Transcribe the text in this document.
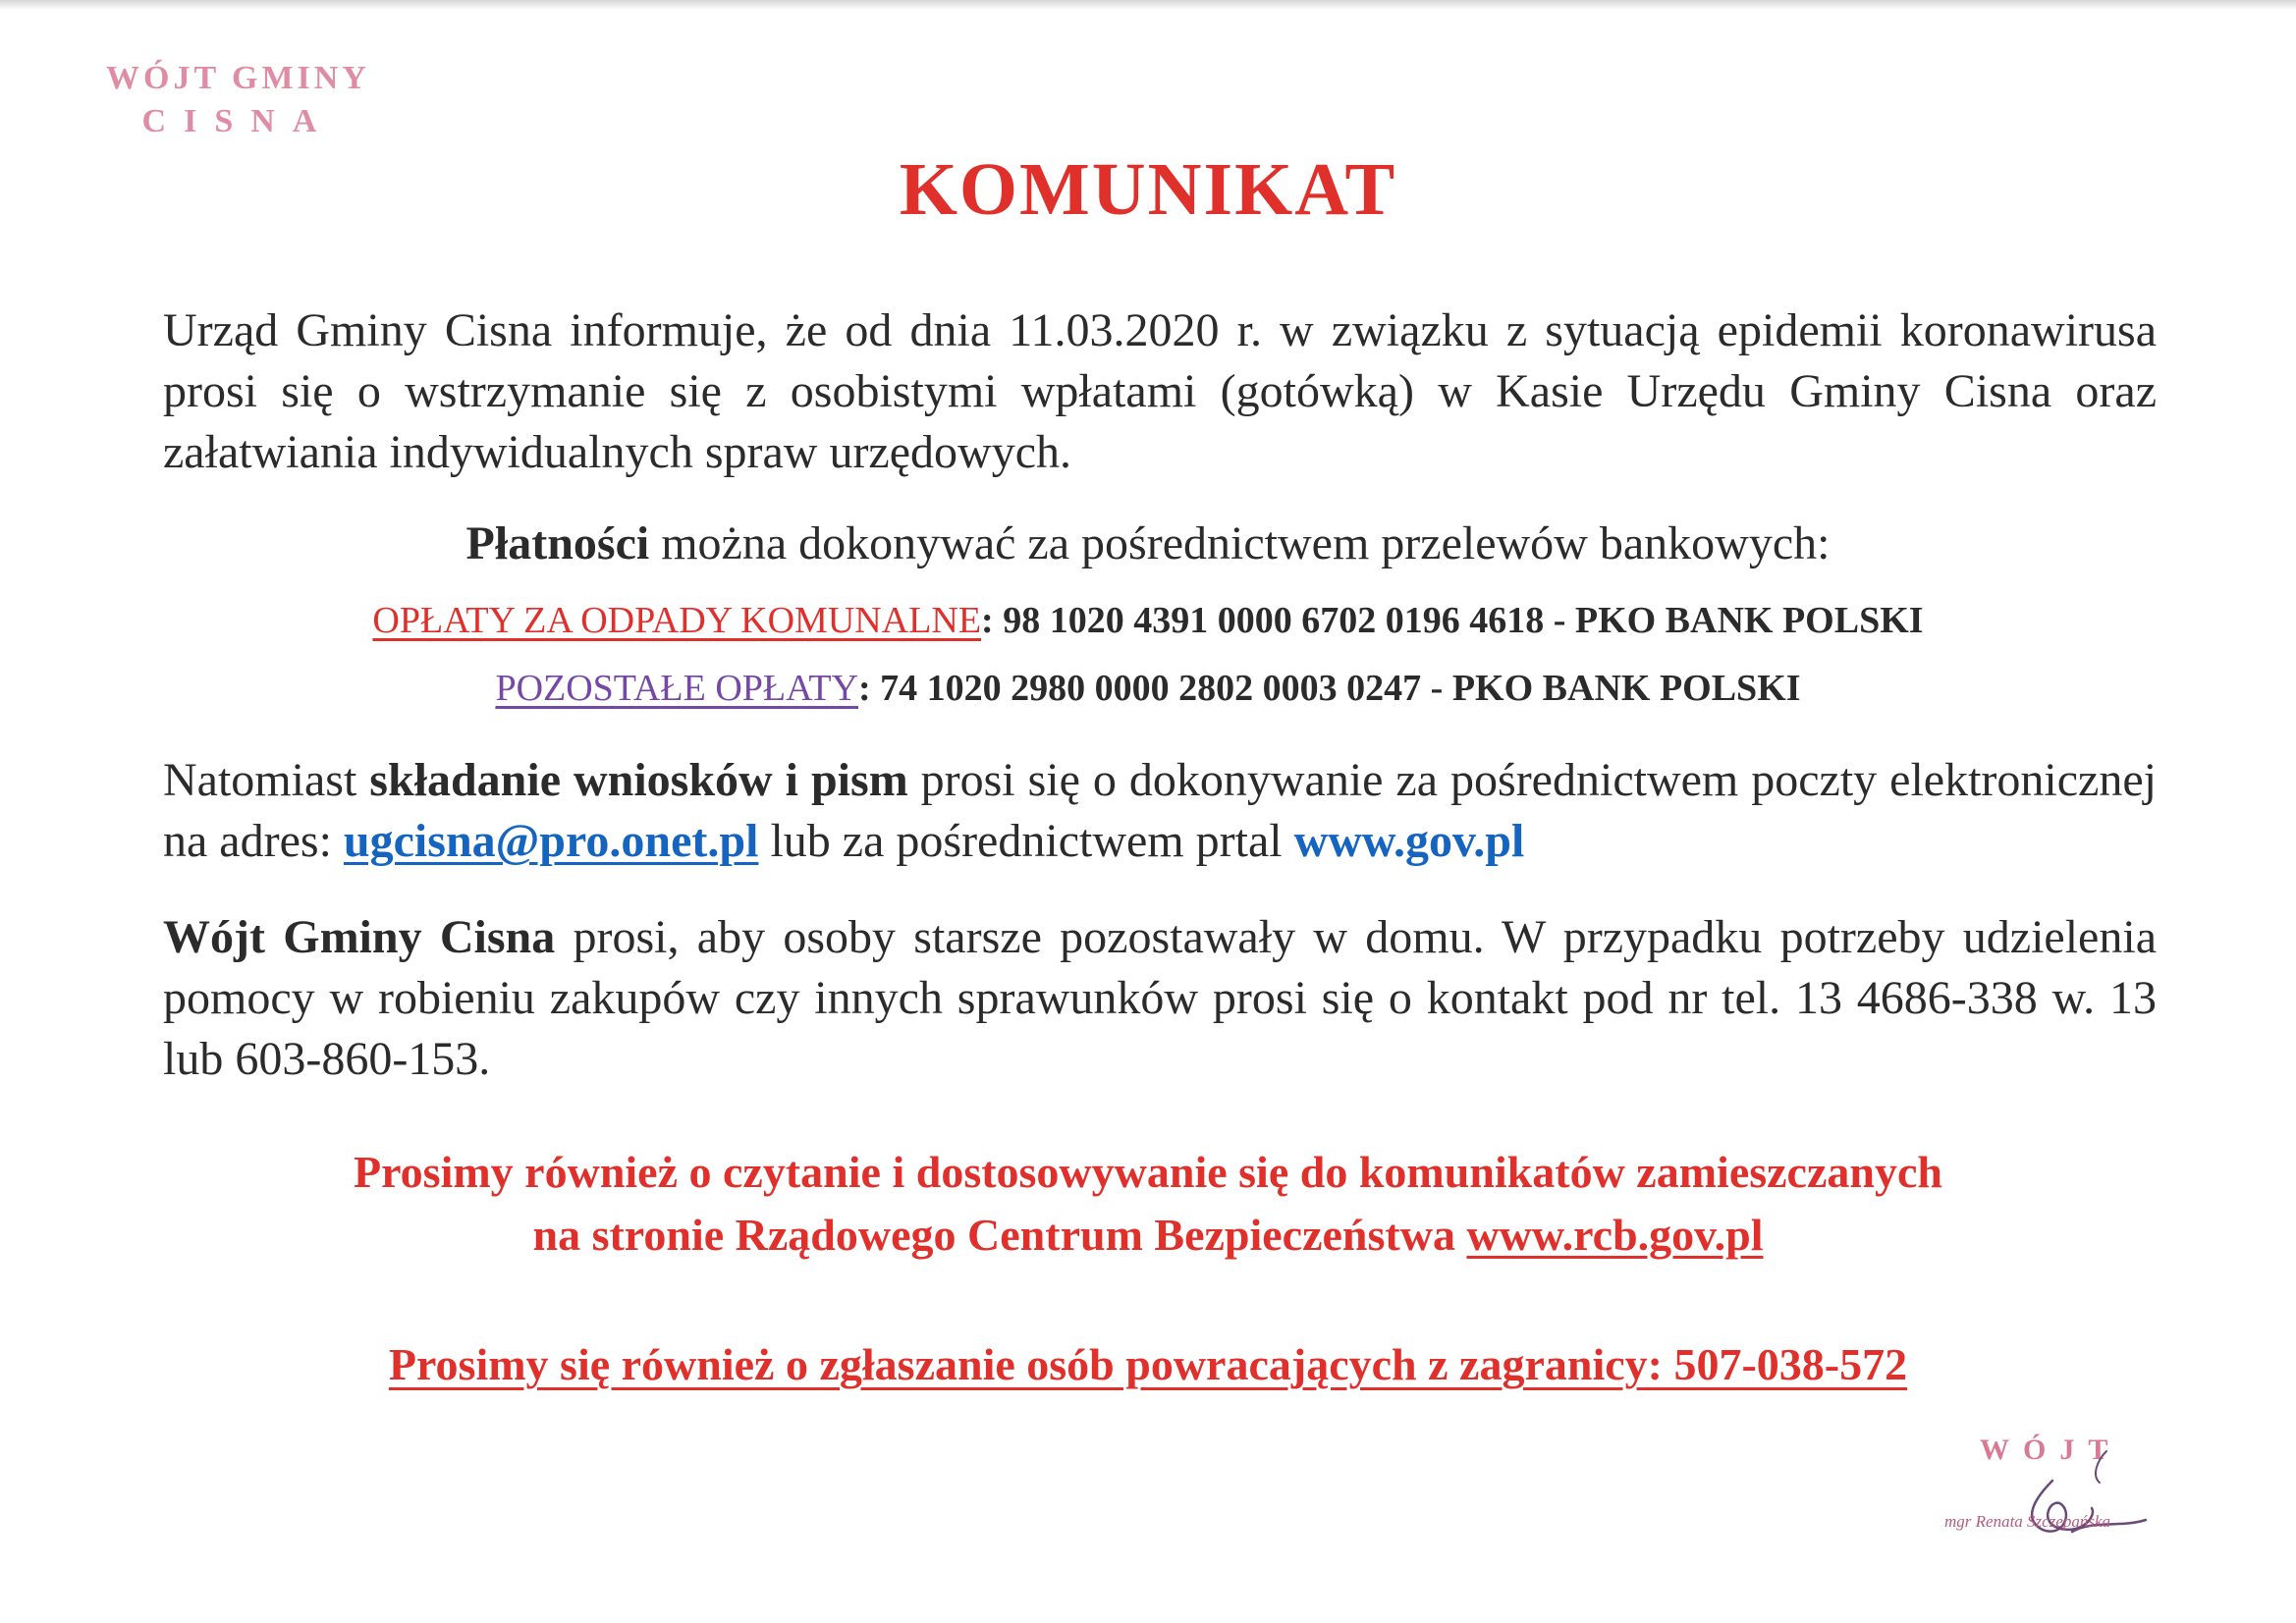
WÓJT GMINY
CISNA
KOMUNIKAT
Urząd Gminy Cisna informuje, że od dnia 11.03.2020 r. w związku z sytuacją epidemii koronawirusa prosi się o wstrzymanie się z osobistymi wpłatami (gotówką) w Kasie Urzędu Gminy Cisna oraz załatwiania indywidualnych spraw urzędowych.
Płatności można dokonywać za pośrednictwem przelewów bankowych:
OPŁATY ZA ODPADY KOMUNALNE: 98 1020 4391 0000 6702 0196 4618 - PKO BANK POLSKI
POZOSTAŁE OPŁATY: 74 1020 2980 0000 2802 0003 0247 - PKO BANK POLSKI
Natomiast składanie wniosków i pism prosi się o dokonywanie za pośrednictwem poczty elektronicznej na adres: ugcisna@pro.onet.pl lub za pośrednictwem prtal www.gov.pl
Wójt Gminy Cisna prosi, aby osoby starsze pozostawały w domu. W przypadku potrzeby udzielenia pomocy w robieniu zakupów czy innych sprawunków prosi się o kontakt pod nr tel. 13 4686-338 w. 13 lub 603-860-153.
Prosimy również o czytanie i dostosowywanie się do komunikatów zamieszczanych
na stronie Rządowego Centrum Bezpieczeństwa www.rcb.gov.pl
Prosimy się również o zgłaszanie osób powracających z zagranicy: 507-038-572
WÓJT
mgr Renata Szczepańska
